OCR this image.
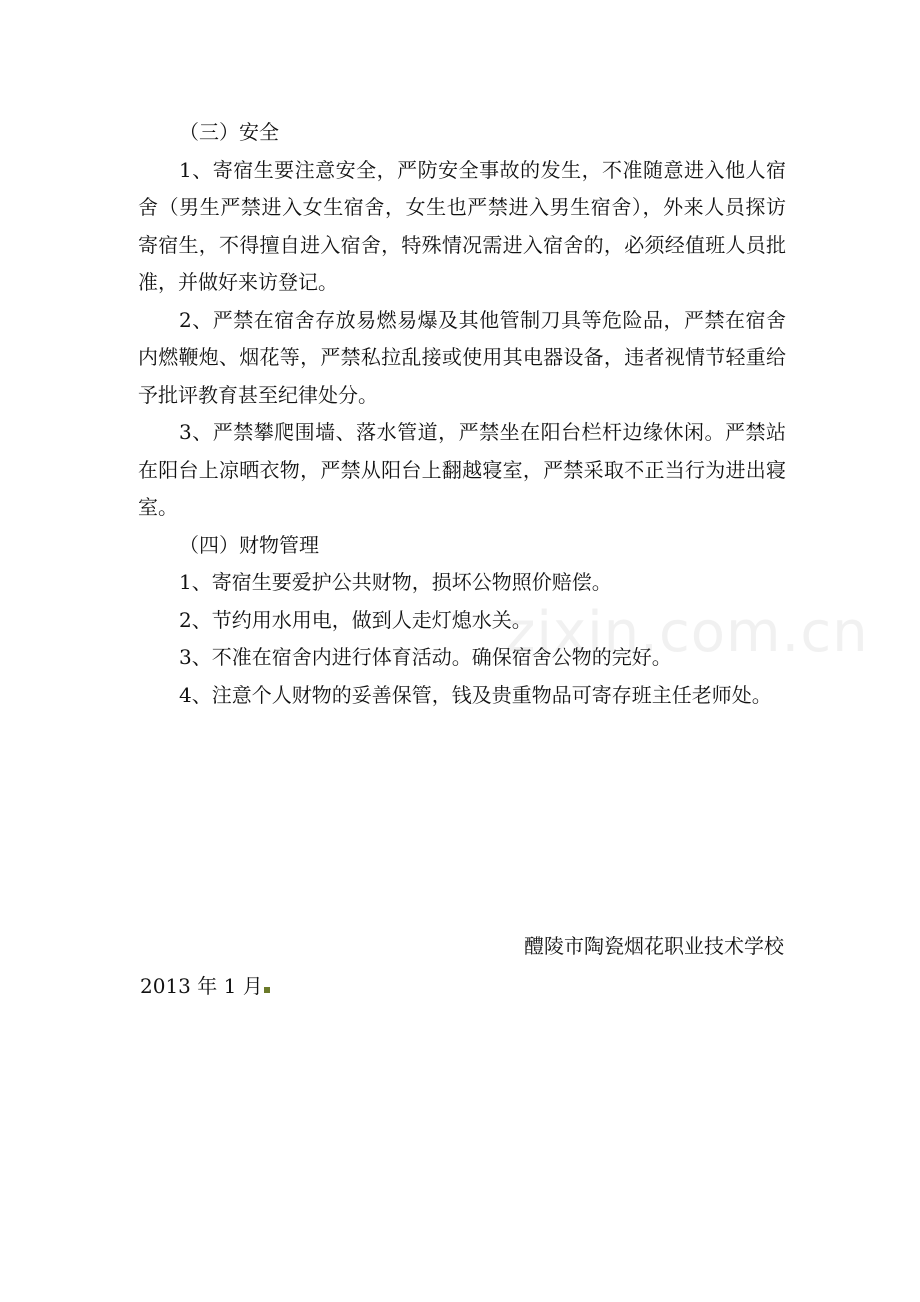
（三）安全

1、寄宿生要注意安全，严防安全事故的发生，不准随意进入他人宿舍（男生严禁进入女生宿舍，女生也严禁进入男生宿舍），外来人员探访寄宿生，不得擅自进入宿舍，特殊情况需进入宿舍的，必须经值班人员批准，并做好来访登记。

2、严禁在宿舍存放易燃易爆及其他管制刀具等危险品，严禁在宿舍内燃鞭炮、烟花等，严禁私拉乱接或使用其电器设备，违者视情节轻重给予批评教育甚至纪律处分。

3、严禁攀爬围墙、落水管道，严禁坐在阳台栏杆边缘休闲。严禁站在阳台上凉晒衣物，严禁从阳台上翻越寝室，严禁采取不正当行为进出寝室。

（四）财物管理

1、寄宿生要爱护公共财物，损坏公物照价赔偿。

2、节约用水用电，做到人走灯熄水关。

3、不准在宿舍内进行体育活动。确保宿舍公物的完好。

4、注意个人财物的妥善保管，钱及贵重物品可寄存班主任老师处。

醴陵市陶瓷烟花职业技术学校
2013 年 1 月
zixin.com.cn
